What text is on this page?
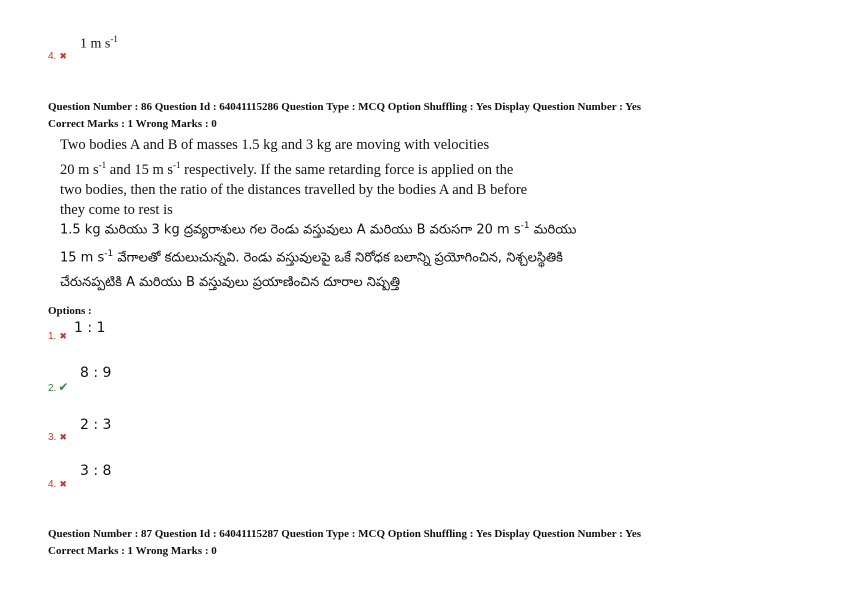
4. ✖
1 m $s^{-1}$
Question Number : 86 Question Id : 64041115286 Question Type : MCQ Option Shuffling : Yes Display Question Number : Yes
Correct Marks : 1 Wrong Marks : 0
Two bodies A and B of masses 1.5 kg and 3 kg are moving with velocities
20 m $s^{-1}$ and 15 m $s^{-1}$ respectively. If the same retarding force is applied on the
two bodies, then the ratio of the distances travelled by the bodies A and B before
they come to rest is
1.5 kg మరియు 3 kg ద్రవ్యరాశులు గల రెండు వస్తువులు A మరియు B వరుసగా 20 m $s^{-1}$ మరియు
15 m $s^{-1}$ వేగాలతో కదులుచున్నవి. రెండు వస్తువులపై ఒకే నిరోధక బలాన్ని ప్రయోగించిన, నిశ్చలస్థితికి
చేరునప్పటికి A మరియు B వస్తువులు ప్రయాణించిన దూరాల నిష్పత్తి
Options :
1. ✖
1 : 1
8 : 9
2. ✔
2 : 3
3. ✖
3 : 8
4. ✖
Question Number : 87 Question Id : 64041115287 Question Type : MCQ Option Shuffling : Yes Display Question Number : Yes
Correct Marks : 1 Wrong Marks : 0
